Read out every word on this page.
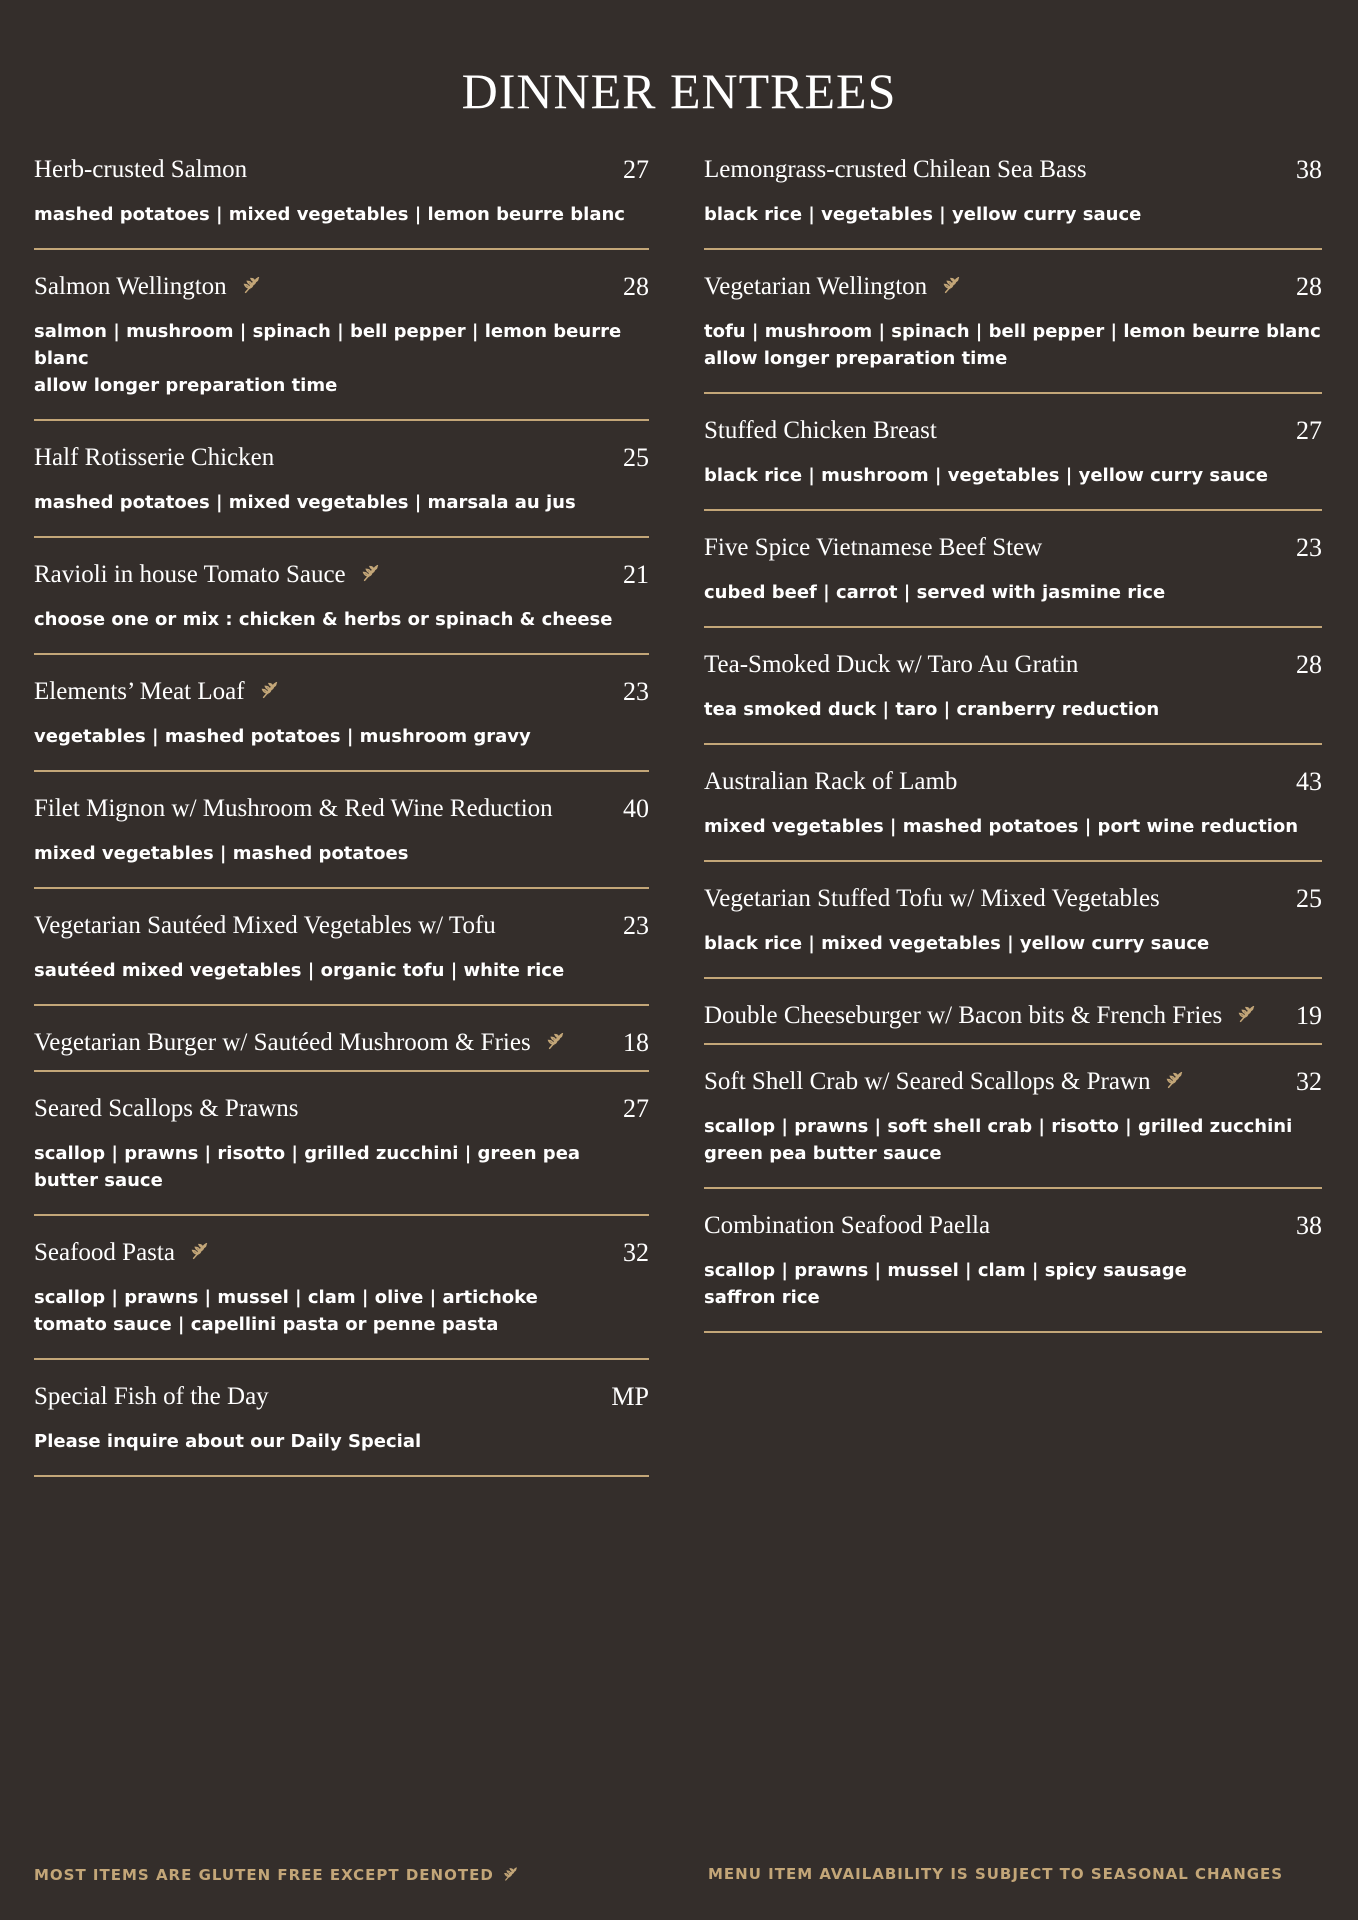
DINNER ENTREES
Herb-crusted Salmon	27
mashed potatoes | mixed vegetables | lemon beurre blanc
Salmon Wellington	28
salmon | mushroom | spinach | bell pepper | lemon beurre blanc
allow longer preparation time
Half Rotisserie Chicken	25
mashed potatoes | mixed vegetables | marsala au jus
Ravioli in house Tomato Sauce	21
choose one or mix : chicken & herbs or spinach & cheese
Elements’ Meat Loaf	23
vegetables | mashed potatoes | mushroom gravy
Filet Mignon w/ Mushroom & Red Wine Reduction	40
mixed vegetables | mashed potatoes
Vegetarian Sautéed Mixed Vegetables w/ Tofu	23
sautéed mixed vegetables | organic tofu | white rice
Vegetarian Burger w/ Sautéed Mushroom & Fries	18
Seared Scallops & Prawns	27
scallop | prawns | risotto | grilled zucchini | green pea butter sauce
Seafood Pasta	32
scallop | prawns | mussel | clam | olive | artichoke
tomato sauce | capellini pasta or penne pasta
Special Fish of the Day	MP
Please inquire about our Daily Special
Lemongrass-crusted Chilean Sea Bass	38
black rice | vegetables | yellow curry sauce
Vegetarian Wellington	28
tofu | mushroom | spinach | bell pepper | lemon beurre blanc
allow longer preparation time
Stuffed Chicken Breast	27
black rice | mushroom | vegetables | yellow curry sauce
Five Spice Vietnamese Beef Stew	23
cubed beef | carrot | served with jasmine rice
Tea-Smoked Duck w/ Taro Au Gratin	28
tea smoked duck | taro | cranberry reduction
Australian Rack of Lamb	43
mixed vegetables | mashed potatoes | port wine reduction
Vegetarian Stuffed Tofu w/ Mixed Vegetables	25
black rice | mixed vegetables | yellow curry sauce
Double Cheeseburger w/ Bacon bits & French Fries	19
Soft Shell Crab w/ Seared Scallops & Prawn	32
scallop | prawns | soft shell crab | risotto | grilled zucchini
green pea butter sauce
Combination Seafood Paella	38
scallop | prawns | mussel | clam | spicy sausage
saffron rice
MOST ITEMS ARE GLUTEN FREE EXCEPT DENOTED	MENU ITEM AVAILABILITY IS SUBJECT TO SEASONAL CHANGES
